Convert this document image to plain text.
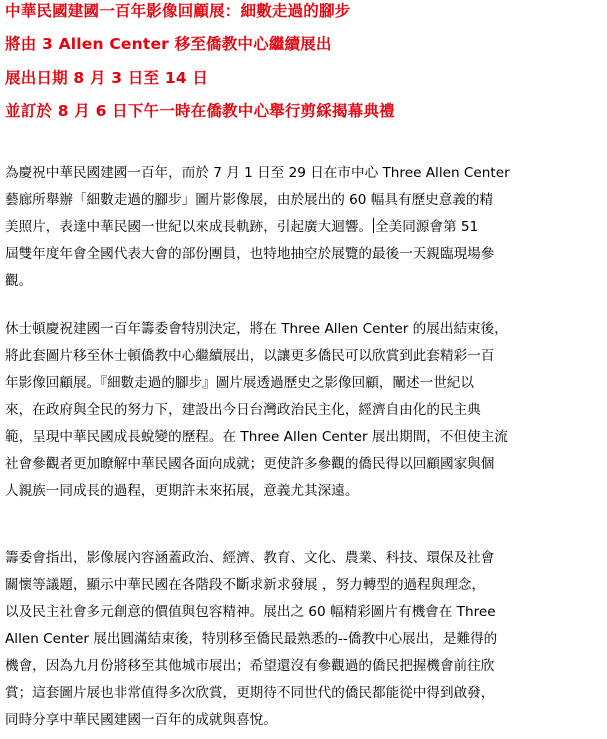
中華民國建國一百年影像回顧展：細數走過的腳步
將由 3 Allen Center 移至僑教中心繼續展出
展出日期 8 月 3 日至 14 日
並訂於 8 月 6 日下午一時在僑教中心舉行剪綵揭幕典禮
為慶祝中華民國建國一百年，而於 7 月 1 日至 29 日在市中心 Three Allen Center
藝廊所舉辦「細數走過的腳步」圖片影像展，由於展出的 60 幅具有歷史意義的精
美照片，表達中華民國一世紀以來成長軌跡，引起廣大迴響。 全美同源會第 51
屆雙年度年會全國代表大會的部份團員，也特地抽空於展覽的最後一天親臨現場參
觀。
休士頓慶祝建國一百年籌委會特別決定，將在 Three Allen Center 的展出結束後，
將此套圖片移至休士頓僑教中心繼續展出，以讓更多僑民可以欣賞到此套精彩一百
年影像回顧展。『細數走過的腳步』圖片展透過歷史之影像回顧，闡述一世紀以
來，在政府與全民的努力下，建設出今日台灣政治民主化，經濟自由化的民主典
範，呈現中華民國成長蛻變的歷程。在 Three Allen Center 展出期間，不但使主流
社會參觀者更加瞭解中華民國各面向成就；更使許多參觀的僑民得以回顧國家與個
人親族一同成長的過程，更期許未來拓展，意義尤其深遠。
籌委會指出，影像展內容涵蓋政治、經濟、教育、文化、農業、科技、環保及社會
關懷等議題，顯示中華民國在各階段不斷求新求發展 ，努力轉型的過程與理念，
以及民主社會多元創意的價值與包容精神。展出之 60 幅精彩圖片有機會在 Three
Allen Center 展出圓滿結束後，特別移至僑民最熟悉的--僑教中心展出，是難得的
機會，因為九月份將移至其他城市展出；希望還沒有參觀過的僑民把握機會前往欣
賞；這套圖片展也非常值得多次欣賞，更期待不同世代的僑民都能從中得到啟發，
同時分享中華民國建國一百年的成就與喜悅。
